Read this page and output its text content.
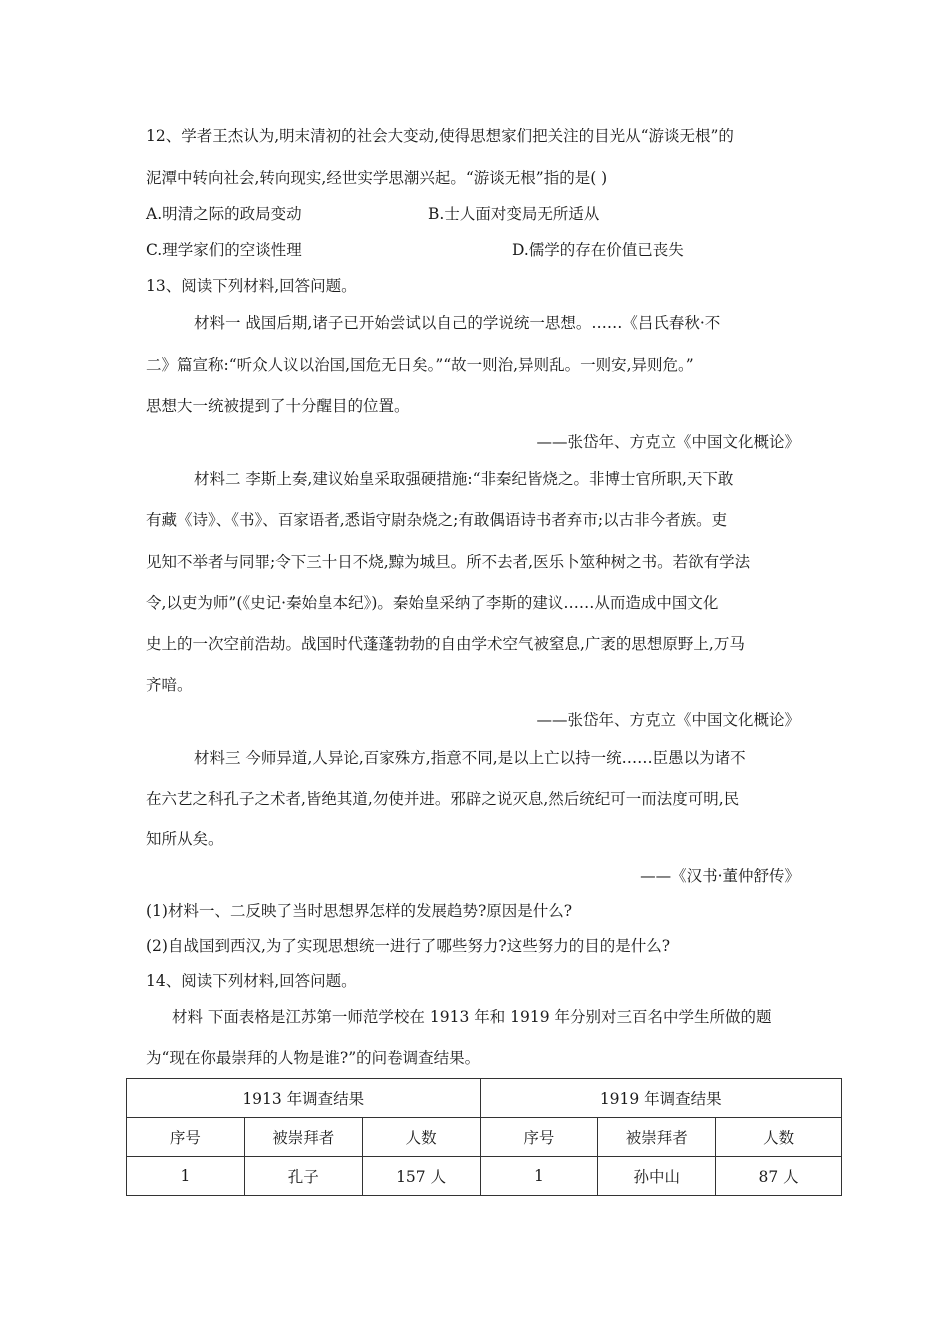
12、学者王杰认为,明末清初的社会大变动,使得思想家们把关注的目光从“游谈无根”的
泥潭中转向社会,转向现实,经世实学思潮兴起。“游谈无根”指的是( )
A.明清之际的政局变动	B.士人面对变局无所适从
C.理学家们的空谈性理	D.儒学的存在价值已丧失
13、阅读下列材料,回答问题。
材料一 战国后期,诸子已开始尝试以自己的学说统一思想。……《吕氏春秋·不
二》篇宣称:“听众人议以治国,国危无日矣。”“故一则治,异则乱。一则安,异则危。”
思想大一统被提到了十分醒目的位置。
——张岱年、方克立《中国文化概论》
材料二 李斯上奏,建议始皇采取强硬措施:“非秦纪皆烧之。非博士官所职,天下敢
有藏《诗》、《书》、百家语者,悉诣守尉杂烧之;有敢偶语诗书者弃市;以古非今者族。吏
见知不举者与同罪;令下三十日不烧,黥为城旦。所不去者,医乐卜筮种树之书。若欲有学法
令,以吏为师”(《史记·秦始皇本纪》)。秦始皇采纳了李斯的建议……从而造成中国文化
史上的一次空前浩劫。战国时代蓬蓬勃勃的自由学术空气被窒息,广袤的思想原野上,万马
齐喑。
——张岱年、方克立《中国文化概论》
材料三 今师异道,人异论,百家殊方,指意不同,是以上亡以持一统……臣愚以为诸不
在六艺之科孔子之术者,皆绝其道,勿使并进。邪辟之说灭息,然后统纪可一而法度可明,民
知所从矣。
——《汉书·董仲舒传》
(1)材料一、二反映了当时思想界怎样的发展趋势?原因是什么?
(2)自战国到西汉,为了实现思想统一进行了哪些努力?这些努力的目的是什么?
14、阅读下列材料,回答问题。
材料 下面表格是江苏第一师范学校在 1913 年和 1919 年分别对三百名中学生所做的题
为“现在你最崇拜的人物是谁?”的问卷调查结果。
1913 年调查结果			1919 年调查结果		
序号	被崇拜者	人数	序号	被崇拜者	人数
1	孔子	157 人	1	孙中山	87 人
